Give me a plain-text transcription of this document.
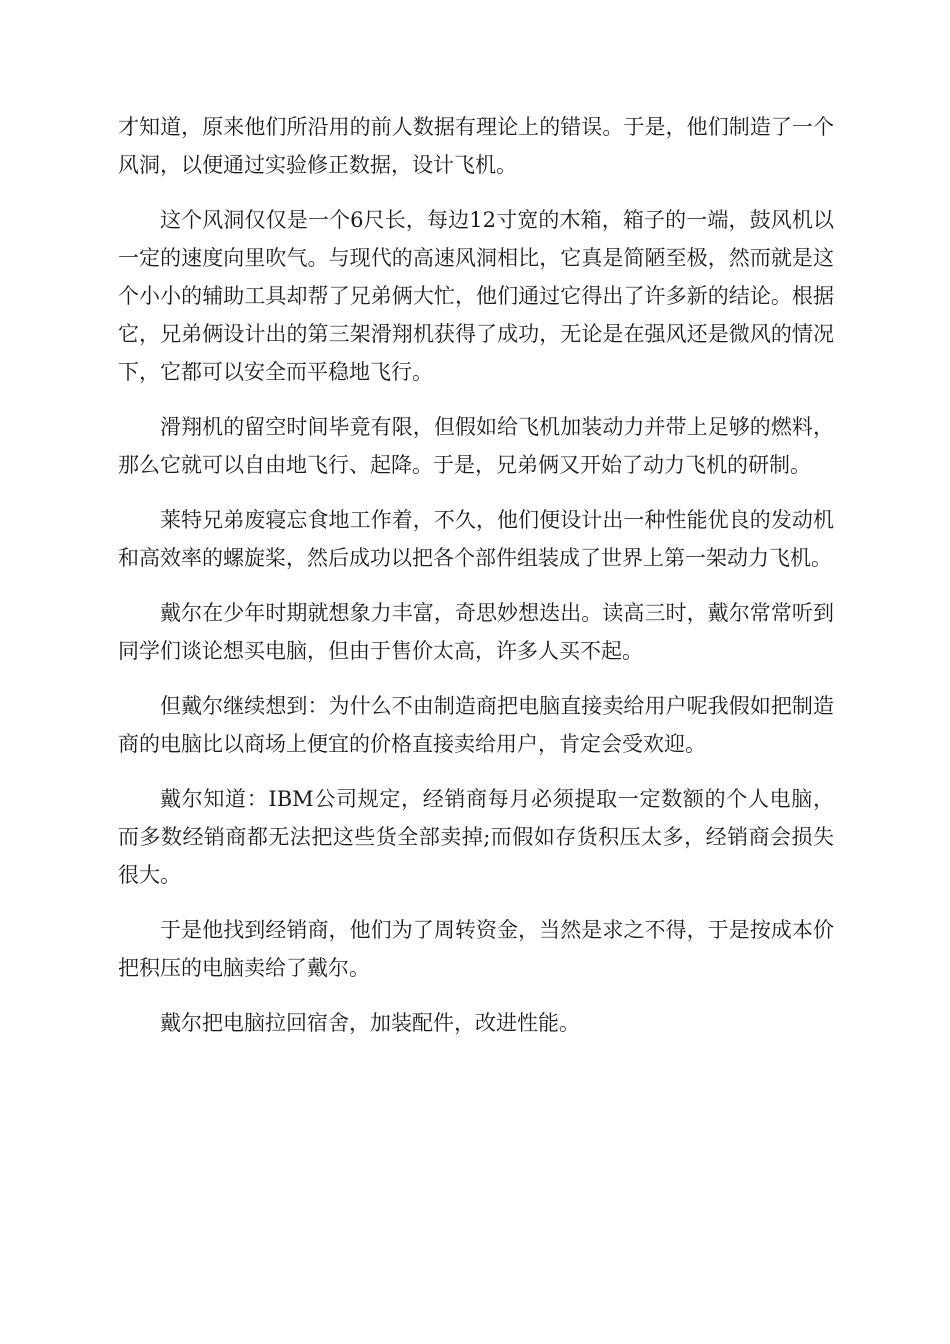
才知道，原来他们所沿用的前人数据有理论上的错误。于是，他们制造了一个风洞，以便通过实验修正数据，设计飞机。

这个风洞仅仅是一个6尺长，每边12寸宽的木箱，箱子的一端，鼓风机以一定的速度向里吹气。与现代的高速风洞相比，它真是简陋至极，然而就是这个小小的辅助工具却帮了兄弟俩大忙，他们通过它得出了许多新的结论。根据它，兄弟俩设计出的第三架滑翔机获得了成功，无论是在强风还是微风的情况下，它都可以安全而平稳地飞行。

滑翔机的留空时间毕竟有限，但假如给飞机加装动力并带上足够的燃料，那么它就可以自由地飞行、起降。于是，兄弟俩又开始了动力飞机的研制。

莱特兄弟废寝忘食地工作着，不久，他们便设计出一种性能优良的发动机和高效率的螺旋桨，然后成功以把各个部件组装成了世界上第一架动力飞机。

戴尔在少年时期就想象力丰富，奇思妙想迭出。读高三时，戴尔常常听到同学们谈论想买电脑，但由于售价太高，许多人买不起。

但戴尔继续想到：为什么不由制造商把电脑直接卖给用户呢我假如把制造商的电脑比以商场上便宜的价格直接卖给用户，肯定会受欢迎。

戴尔知道：IBM公司规定，经销商每月必须提取一定数额的个人电脑，而多数经销商都无法把这些货全部卖掉;而假如存货积压太多，经销商会损失很大。

于是他找到经销商，他们为了周转资金，当然是求之不得，于是按成本价把积压的电脑卖给了戴尔。

戴尔把电脑拉回宿舍，加装配件，改进性能。
